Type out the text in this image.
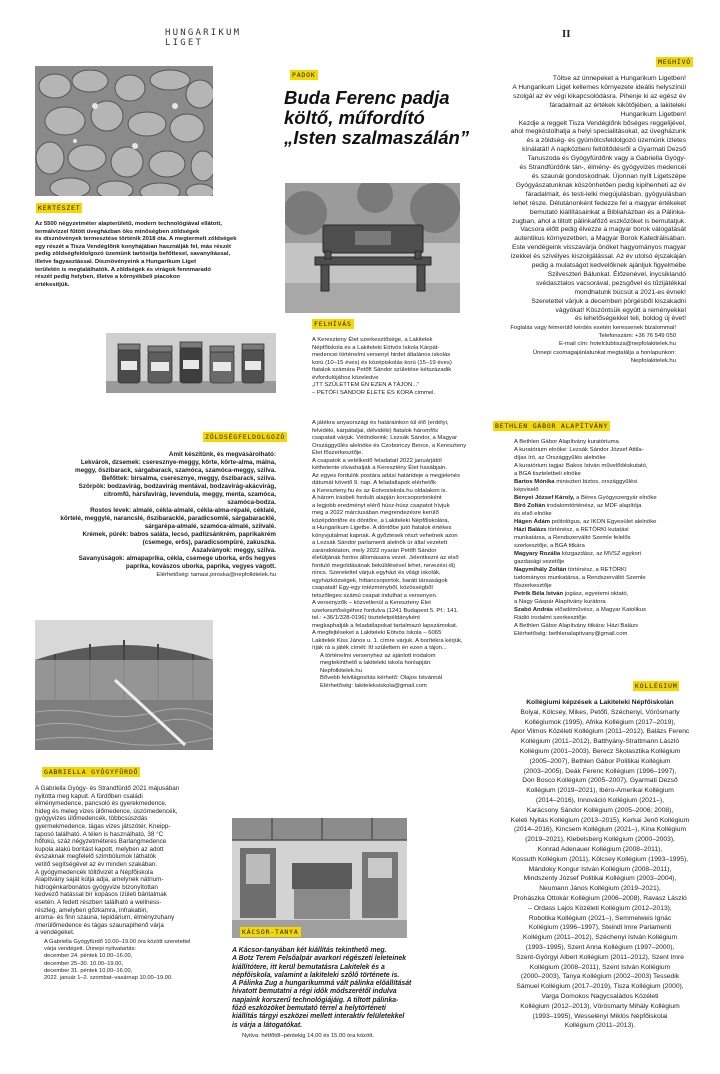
HUNGARIKUM
LIGET
II
KERTÉSZET
Az 5500 négyzetméter alapterületű, modern technológiával ellátott,
termálvízzel fűtött üvegházban öko minőségben zöldségek
és dísznövények termesztése történik 2018 óta. A megtermelt zöldségek
egy részét a Tisza Vendéglőnk konyhájában használják fel, más részét
pedig zöldségfeldolgozó üzemünk tartósítja befőttesel, savanyítással,
illetve fagyasztással. Dísznövényeink a Hungarikum Liget
területén is megtalálhatók. A zöldségek és virágok fennmaradó
részét pedig helyben, illetve a környékbeli piacokon
értékesítjük.
ZÖLDSÉGFELDOLGOZÓ
Amit készítünk, és megvásárolható:
Lekvárok, dzsemek: cseresznye-meggy, körte, körte-alma, málna,
meggy, őszibarack, sárgabarack, szamóca, szamóca-meggy, szilva.
Befőttek: birsalma, cseresznye, meggy, őszibarack, szilva.
Szörpök: bodzavirág, bodzavirág mentával, bodzavirág-akácvirág,
citromfű, hársfavirág, levendula, meggy, menta, szamóca,
szamóca-bodza.
Rostos levek: almalé, cékla-almalé, cékla-alma-répalé, céklalé,
körtelé, meggylé, narancslé, őszibaracklé, paradicsomlé, sárgabaracklé,
sárgarépa-almalé, szamóca-almalé, szilvalé.
Krémek, pürék: babos saláta, lecsó, padlizsánkrém, paprikakrém
(csemege, erős), paradicsompüré, zakuszka.
Aszalványok: meggy, szilva.
Savanyúságok: almapaprika, cékla, csemege uborka, erős hegyes
paprika, kovászos uborka, paprika, vegyes vágott.
Elérhetőség: tamasi.piroska@nepfolkitelek.hu
GABRIELLA GYÓGYFÜRDŐ
A Gabriella Gyógy- és Strandfürdő 2021 májusában
nyitotta meg kapuit. A fürdőben családi
élménymedence, pancsoló és gyerekmedence,
hideg és meleg vizes ülőmedence, úszómedencék,
gyógyvizes ülőmedencék, többcsúszdás
gyermekmedence, tágas vizes játszótér, Kneipp-
taposó található. A télen is használható, 38 °C
hőfokú, száz négyzetméteres Barlangmedence
kupola alakú borítást kapott, melyben az adott
évszaknak megfelelő szimbólumok láthatók
vetítő segítségével az év minden szakában.
A gyógymedencék töltővizét a Népfőiskola
Alapítvány saját kútja adja, amelynek nátrium-
hidrogénkarbonátos gyógyvize bizonyítottan
kedvező hatással bír kopásos ízületi bántalmak
esetén. A fedett részben található a wellness-
részleg, amelyben gőzkamra, infrakabin,
aroma- és finn szauna, tepidárium, élményzuhany
/merülőmedence és tágas szaunapihenő várja
a vendégeket.
A Gabriella Gyógyfürdő 10.00–19.00 óra között szeretettel
várja vendégeit. Ünnepi nyitvatartás:
december 24. péntek 10.00–16.00,
december 25–30. 10.00–19.00,
december 31. péntek 10.00–16.00,
2022. január 1–2. szombat–vasárnap 10.00–19.00.
PADOK
Buda Ferenc padja
költő, műfordító
„Isten szalmaszálán”
FELHÍVÁS
A Kereszteny Élet szerkesztősége, a Lakitelek
Népfőiskola és a Lakiteleki Eötvös Iskola Kárpát-
medencei történelmi versenyt hirdet általános iskolás
korú (10–15 éves) és középiskolás korú (15–19 éves)
fiatalok számára Petőfi Sándor születése kétszázadik
évfordulójához közeledve
„ITT SZÜLETTEM ÉN EZEN A TÁJON...”
– PETŐFI SÁNDOR ÉLETE ÉS KORA címmel.
A játékra anyaországi és határainkon túl élő (erdélyi,
felvidéki, kárpátaljai, délvidéki) fiatalok háromfős
csapatait várjuk. Védnökeink: Lezsák Sándor, a Magyar
Országgyűlés alelnöke és Czoboriczy Bence, a Kereszteny
Élet főszerkesztője.
A csapatok a vetélkedő feladatait 2022 januárjától
kéthetente olvashatják a Keresztény Élet hasábjain.
Az egyes fordulók postára adási határideje a megjelenés
dátumát követő 9. nap. A feladatlapok elérhetők
a Kereszteny.hu és az Eotvosiskola.hu oldalakon is.
A három írásbeli forduló alapján korcsoportonként
a legjobb eredményt elérő húsz-húsz csapatot hívjuk
meg a 2022 márciusában megrendezésre kerülő
középdöntőre és döntőre, a Lakiteleki Népfőiskolára,
a Hungarikum Ligetbe. A döntőbe jutó fiatalok értékes
könyvjutalmat kapnak. A győztesek részt vehetnek azon
a Lezsák Sándor parlamenti alelnök úr által vezetett
zarándoklaton, mely 2022 nyarán Petőfi Sándor
életútjának fontos állomásaira vezet. Jelentkezni az első
forduló megoldásának beküldésével lehet, nevezési díj
nincs. Szeretettel várjuk egyházi és világi iskolák,
egyházközségek, hittancsoportok, baráti társaságok
csapatait! Egy-egy intézményből, közösségből
tetszőleges számú csapat indulhat a versenyen.
A versenyzők – közvetlenül a Kereszteny Élet
szerkesztőségéhez fordulva (1241 Budapest 5. Pf.: 141.
tel.: +36/1/328-0196) tiszteletpéldányként
megkaphatják a feladatlapokat tartalmazó lapszámokat.
A megfejtéseket a Lakiteleki Eötvös Iskola – 6065
Lakitelek Kiss János u. 1. címre várjuk. A borítékra kérjük,
írják rá a játék címét: Itt születtem én ezen a tájon...
A történelmi versenyhez az ajánlott irodalom
megtekinthető a lakiteleki iskola honlapján:
Nepfolkitelek.hu
Bővebb felvilágosítás kérhető: Olajos Istvánnál
Elérhetőség: lakiteleksiskola@gmail.com
KÁCSOR-TANYA
A Kácsor-tanyában két kiállítás tekinthető meg.
A Botz Terem Felsőalpár avarkori régészeti leleteinek
kiállítótere, itt kerül bemutatásra Lakitelek és a
népfőiskola, valamint a lakiteleki szőlő története is.
A Pálinka Zug a hungarikummá vált pálinka előállítását
hivatott bemutatni a régi idők módszerétől indulva
napjaink korszerű technológiájáig. A tiltott pálinka-
főző eszközöket bemutató térrel a helytörténeti
kiállítás tárgyi eszközei mellett interaktív felületekkel
is várja a látogatókat.
Nyitva: hétfőtől–péntekig 14.00 és 15.00 óra között.
MEGHÍVÓ
Töltse az ünnepeket a Hungarikum Ligetben!
A Hungarikum Liget kellemes környezete ideális helyszínül
szolgál az év végi kikapcsolódásra. Pihenje ki az egész év
fáradalmait az értékek kikötőjében, a lakiteleki
Hungarikum Ligetben!
Kezdje a reggelt Tisza Vendéglőnk bőséges reggelijével,
ahol megkóstolhatja a helyi specialitásokat, az üvegházunk
és a zöldség- és gyümölcsfeldolgozó üzemünk ízletes
kínálatát! A napközbeni feltöltődésről a Gyarmati Dezső
Tanuszoda és Gyógyfürdőnk vagy a Gabriella Gyógy-
és Strandfürdőnk tán-, élmény- és gyógyvizes medencéi
és szaunái gondoskodnak. Újonnan nyílt Ligetszépe
Gyógyászatunknak köszönhetően pedig kipihenheti az év
fáradalmait, és testi-lelki megújulásban, gyógyulásban
lehet része. Délutánonként fedezze fel a magyar értékeket
bemutató kiállításainkat a Bibliaházban és a Pálinka-
zugban, ahol a tiltott pálinkafőző eszközöket is bemutatjuk.
Vacsora előtt pedig élvezze a magyar borok válogatását
autentikus környezetben, a Magyar Borok Katedrálisában.
Este vendégeink visszavárja önöket hagyományos magyar
ízekkel és szívélyes kiszolgálással. Az év utolsó éjszakáján
pedig a mulatságot kedvelőknek ajánljuk figyelmébe
Szilveszteri Bálunkat. Élőzenével, inycsiklandó
svédasztalos vacsorával, pezsgővel és tűzijátékkal
mondhatunk búcsút a 2021-es évnek!
Szeretettel várjuk a decemberi pörgésből kiszakadni
vágyókat! Köszöntsük együtt a reményekkel
és lehetőségekkel teli, boldog új évet!
Foglalás vagy felmerülő kérdés esetén keressenek bizalommal!
Telefonszám: +36 76 549 050
E-mail cím: hotelclubtisza@nepfolakitelek.hu
Ünnepi csomagajánlatunkat megtalálja a honlapunkon:
Nepfolakitelek.hu
BETHLEN GÁBOR ALAPÍTVÁNY
A Bethlen Gábor Alapítvány kuratóriuma
A kuratórium elnöke: Lezsák Sándor József Attila-
díjas író, az Országgyűlés alelnöke
A kuratórium tagjai: Bakos István művelődéskutató,
a BGA tiszteletbeli elnöke
Bartos Mónika miniszteri biztos, országgyűlési
képviselő
Bényei József Károly, a Béres Gyógyszergyár elnöke
Bíró Zoltán irodalomtörténész, az MDF alapítója
és első elnöke
Hágen Ádám politológus, az IKON Egyesület alelnöke
Házi Balázs történész, a RETÖRKI kutatási
munkatársa, a Rendszerváltó Szemle felelős
szerkesztője, a BGA titkára
Magyary Rozália közgazdász, az MVSZ egykori
gazdasági vezetője
Nagymihály Zoltán történész, a RETÖRKI
tudományos munkatársa, a Rendszerváltó Szemle
főszerkesztője
Petrik Béla István jogász, egyetemi oktató,
a Nagy Gáspár Alapítvány kurátora
Szabó András előadóművész, a Magyar Katolikus
Rádió irodalmi szerkesztője.
A Bethlen Gábor Alapítvány titkára: Házi Balázs
Elérhetőség: bethlenalapitvany@gmail.com
KOLLÉGIUM
Kollégiumi képzések a Lakiteleki Népfőiskolán
Bolyai, Kölcsey, Mikes, Petőfi, Széchenyi, Vörösmarty
Kollégiumok (1995), Afrika Kollégium (2017–2019),
Apor Vilmos Közéleti Kollégium (2011–2012), Balázs Ferenc
Kollégium (2011–2012), Batthyány-Strattmann László
Kollégium (2001–2003), Berecz Skolasztika Kollégium
(2005–2007), Bethlen Gábor Politikai Kollégium
(2003–2005), Deák Ferenc Kollégium (1996–1997),
Don Bosco Kollégium (2005–2007), Gyarmati Dezső
Kollégium (2019–2021), Ibéro-Amerikai Kollégium
(2014–2016), Innováció Kollégium (2021–),
Karácsony Sándor Kollégium (2005–2006; 2008),
Keleti Nyitás Kollégium (2013–2015), Kerkai Jenő Kollégium
(2014–2016), Kincsem Kollégium (2021–), Kína Kollégium
(2019–2021), Klebelsberg Kollégium (2000–2003),
Konrad Adenauer Kollégium (2008–2011),
Kossuth Kollégium (2011), Kölcsey Kollégium (1993–1995),
Mándoky Kongur István Kollégium (2008–2011),
Mindszenty József Politikai Kollégium (2003–2004),
Neumann János Kollégium (2019–2021),
Prohászka Ottokár Kollégium (2006–2008), Ravasz László
– Ordass Lajos Közéleti Kollégium (2012–2013),
Robotika Kollégium (2021–), Semmelweis Ignác
Kollégium (1996–1997), Steindl Imre Parlamenti
Kollégium (2011–2012), Széchenyi István Kollégium
(1993–1995), Szent Anna Kollégium (1997–2000),
Szent-Györgyi Albert Kollégium (2011–2012), Szent Imre
Kollégium (2008–2011), Szent István Kollégium
(2000–2003), Tanya Kollégium (2002–2003) Tessedik
Sámuel Kollégium (2017–2019), Tisza Kollégium (2000),
Varga Domokos Nagycsaládos Közéleti
Kollégium (2012–2013), Vörösmarty Mihály Kollégium
(1993–1995), Wesselényi Miklós Népfőiskolai
Kollégium (2011–2013).
